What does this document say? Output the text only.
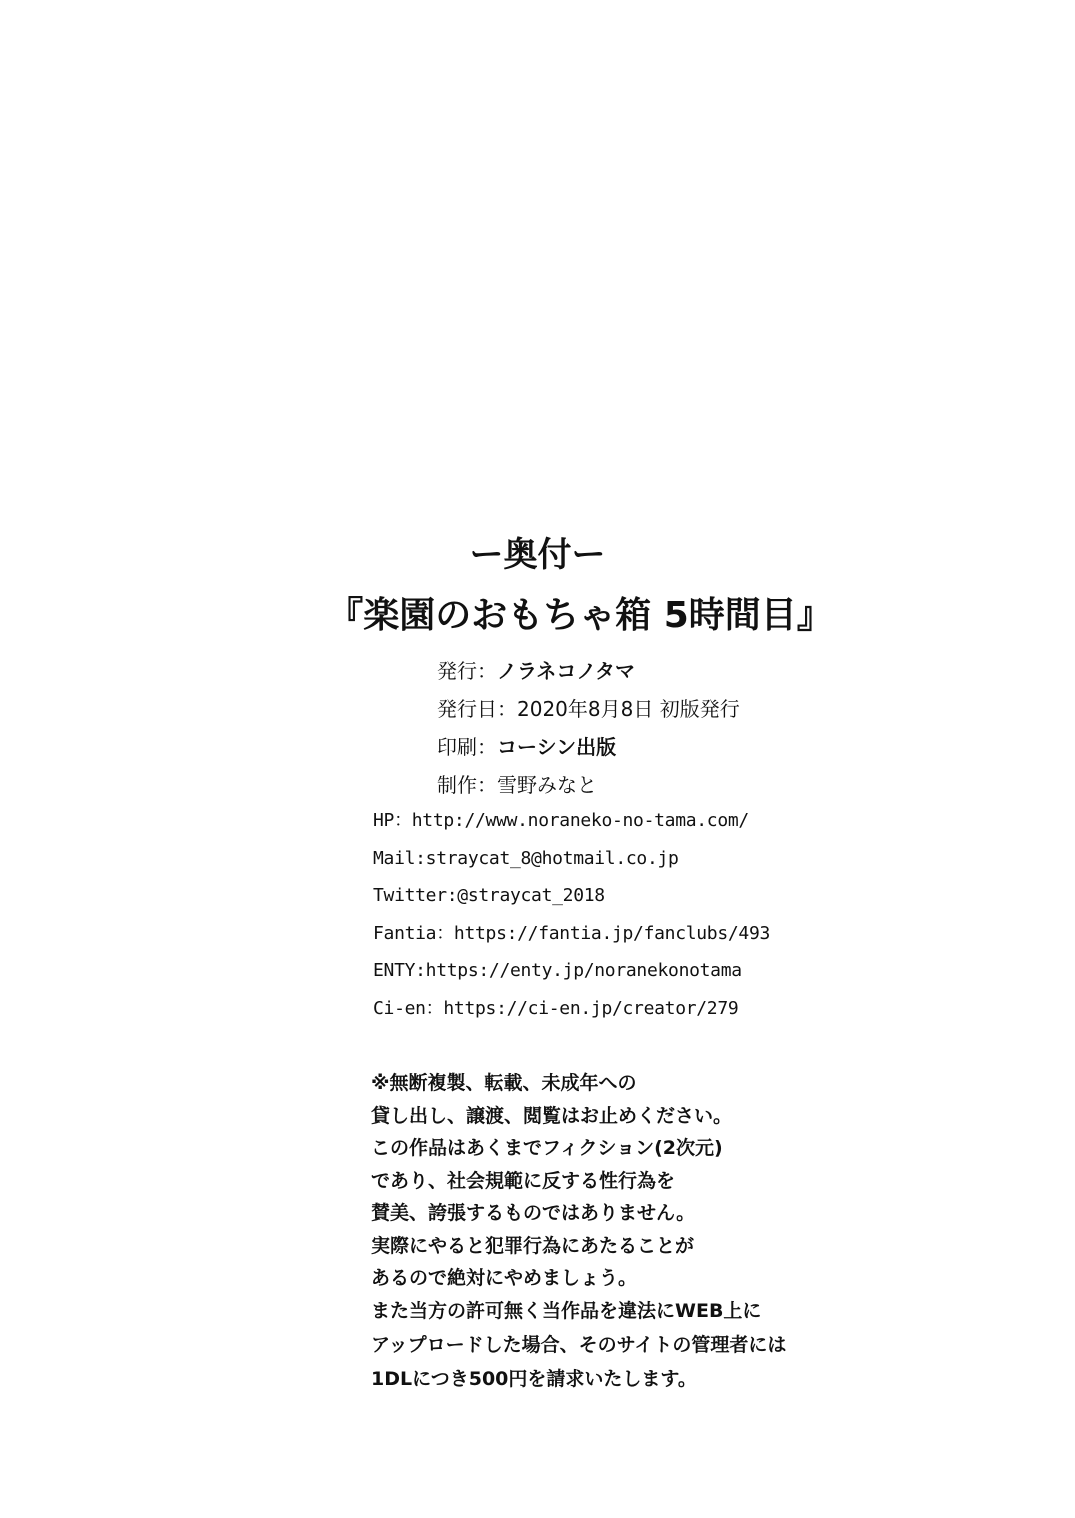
ー奥付ー
『楽園のおもちゃ箱 5時間目』
発行：ノラネコノタマ
発行日：2020年8月8日 初版発行
印刷：コーシン出版
制作：雪野みなと
HP：http://www.noraneko-no-tama.com/
Mail:straycat_8@hotmail.co.jp
Twitter:@straycat_2018
Fantia：https://fantia.jp/fanclubs/493
ENTY:https://enty.jp/noranekonotama
Ci-en：https://ci-en.jp/creator/279
※無断複製、転載、未成年への
貸し出し、譲渡、閲覧はお止めください。
この作品はあくまでフィクション(2次元)
であり、社会規範に反する性行為を
賛美、誇張するものではありません。
実際にやると犯罪行為にあたることが
あるので絶対にやめましょう。
また当方の許可無く当作品を違法にWEB上に
アップロードした場合、そのサイトの管理者には
1DLにつき500円を請求いたします。
